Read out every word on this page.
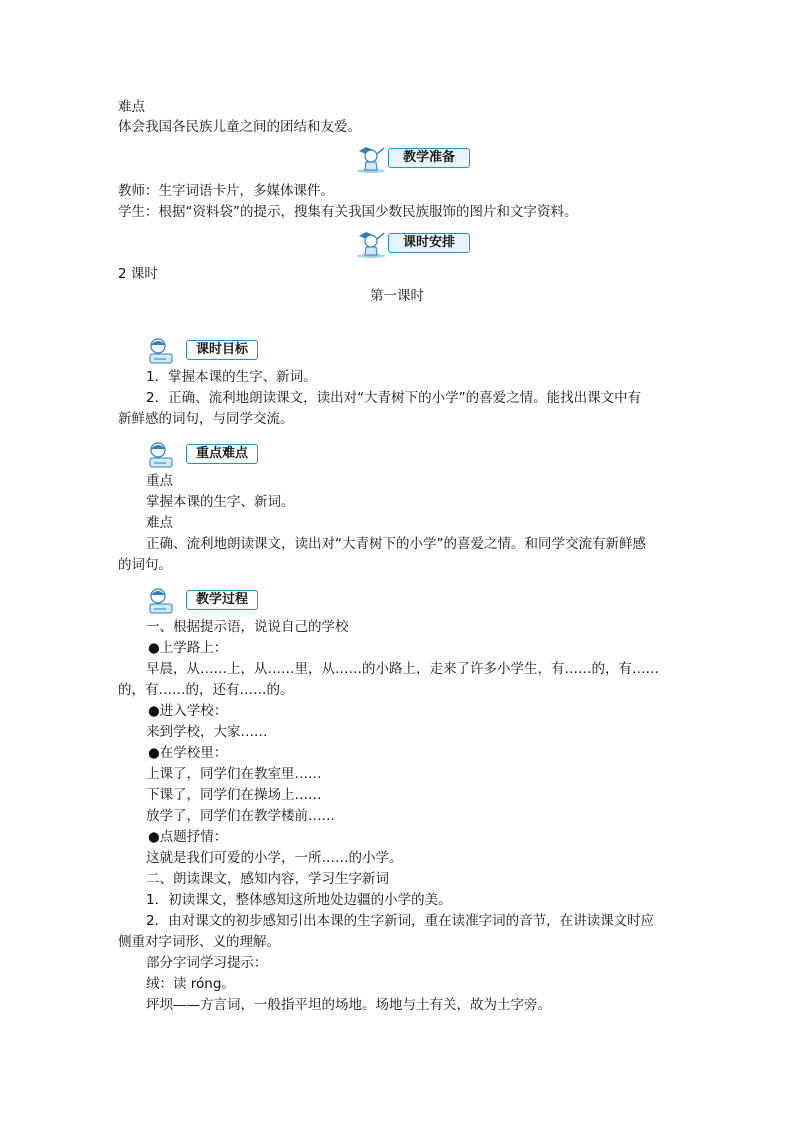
难点
体会我国各民族儿童之间的团结和友爱。
教学准备
教师：生字词语卡片，多媒体课件。
学生：根据“资料袋”的提示，搜集有关我国少数民族服饰的图片和文字资料。
课时安排
2 课时
第一课时
课时目标
1．掌握本课的生字、新词。
2．正确、流利地朗读课文，读出对“大青树下的小学”的喜爱之情。能找出课文中有
新鲜感的词句，与同学交流。
重点难点
重点
掌握本课的生字、新词。
难点
正确、流利地朗读课文，读出对“大青树下的小学”的喜爱之情。和同学交流有新鲜感
的词句。
教学过程
一、根据提示语，说说自己的学校
●上学路上：
早晨，从……上，从……里，从……的小路上，走来了许多小学生，有……的，有……
的，有……的，还有……的。
●进入学校：
来到学校，大家……
●在学校里：
上课了，同学们在教室里……
下课了，同学们在操场上……
放学了，同学们在教学楼前……
●点题抒情：
这就是我们可爱的小学，一所……的小学。
二、朗读课文，感知内容，学习生字新词
1．初读课文，整体感知这所地处边疆的小学的美。
2．由对课文的初步感知引出本课的生字新词，重在读准字词的音节，在讲读课文时应
侧重对字词形、义的理解。
部分字词学习提示：
绒：读 róng。
坪坝——方言词，一般指平坦的场地。场地与土有关，故为土字旁。
